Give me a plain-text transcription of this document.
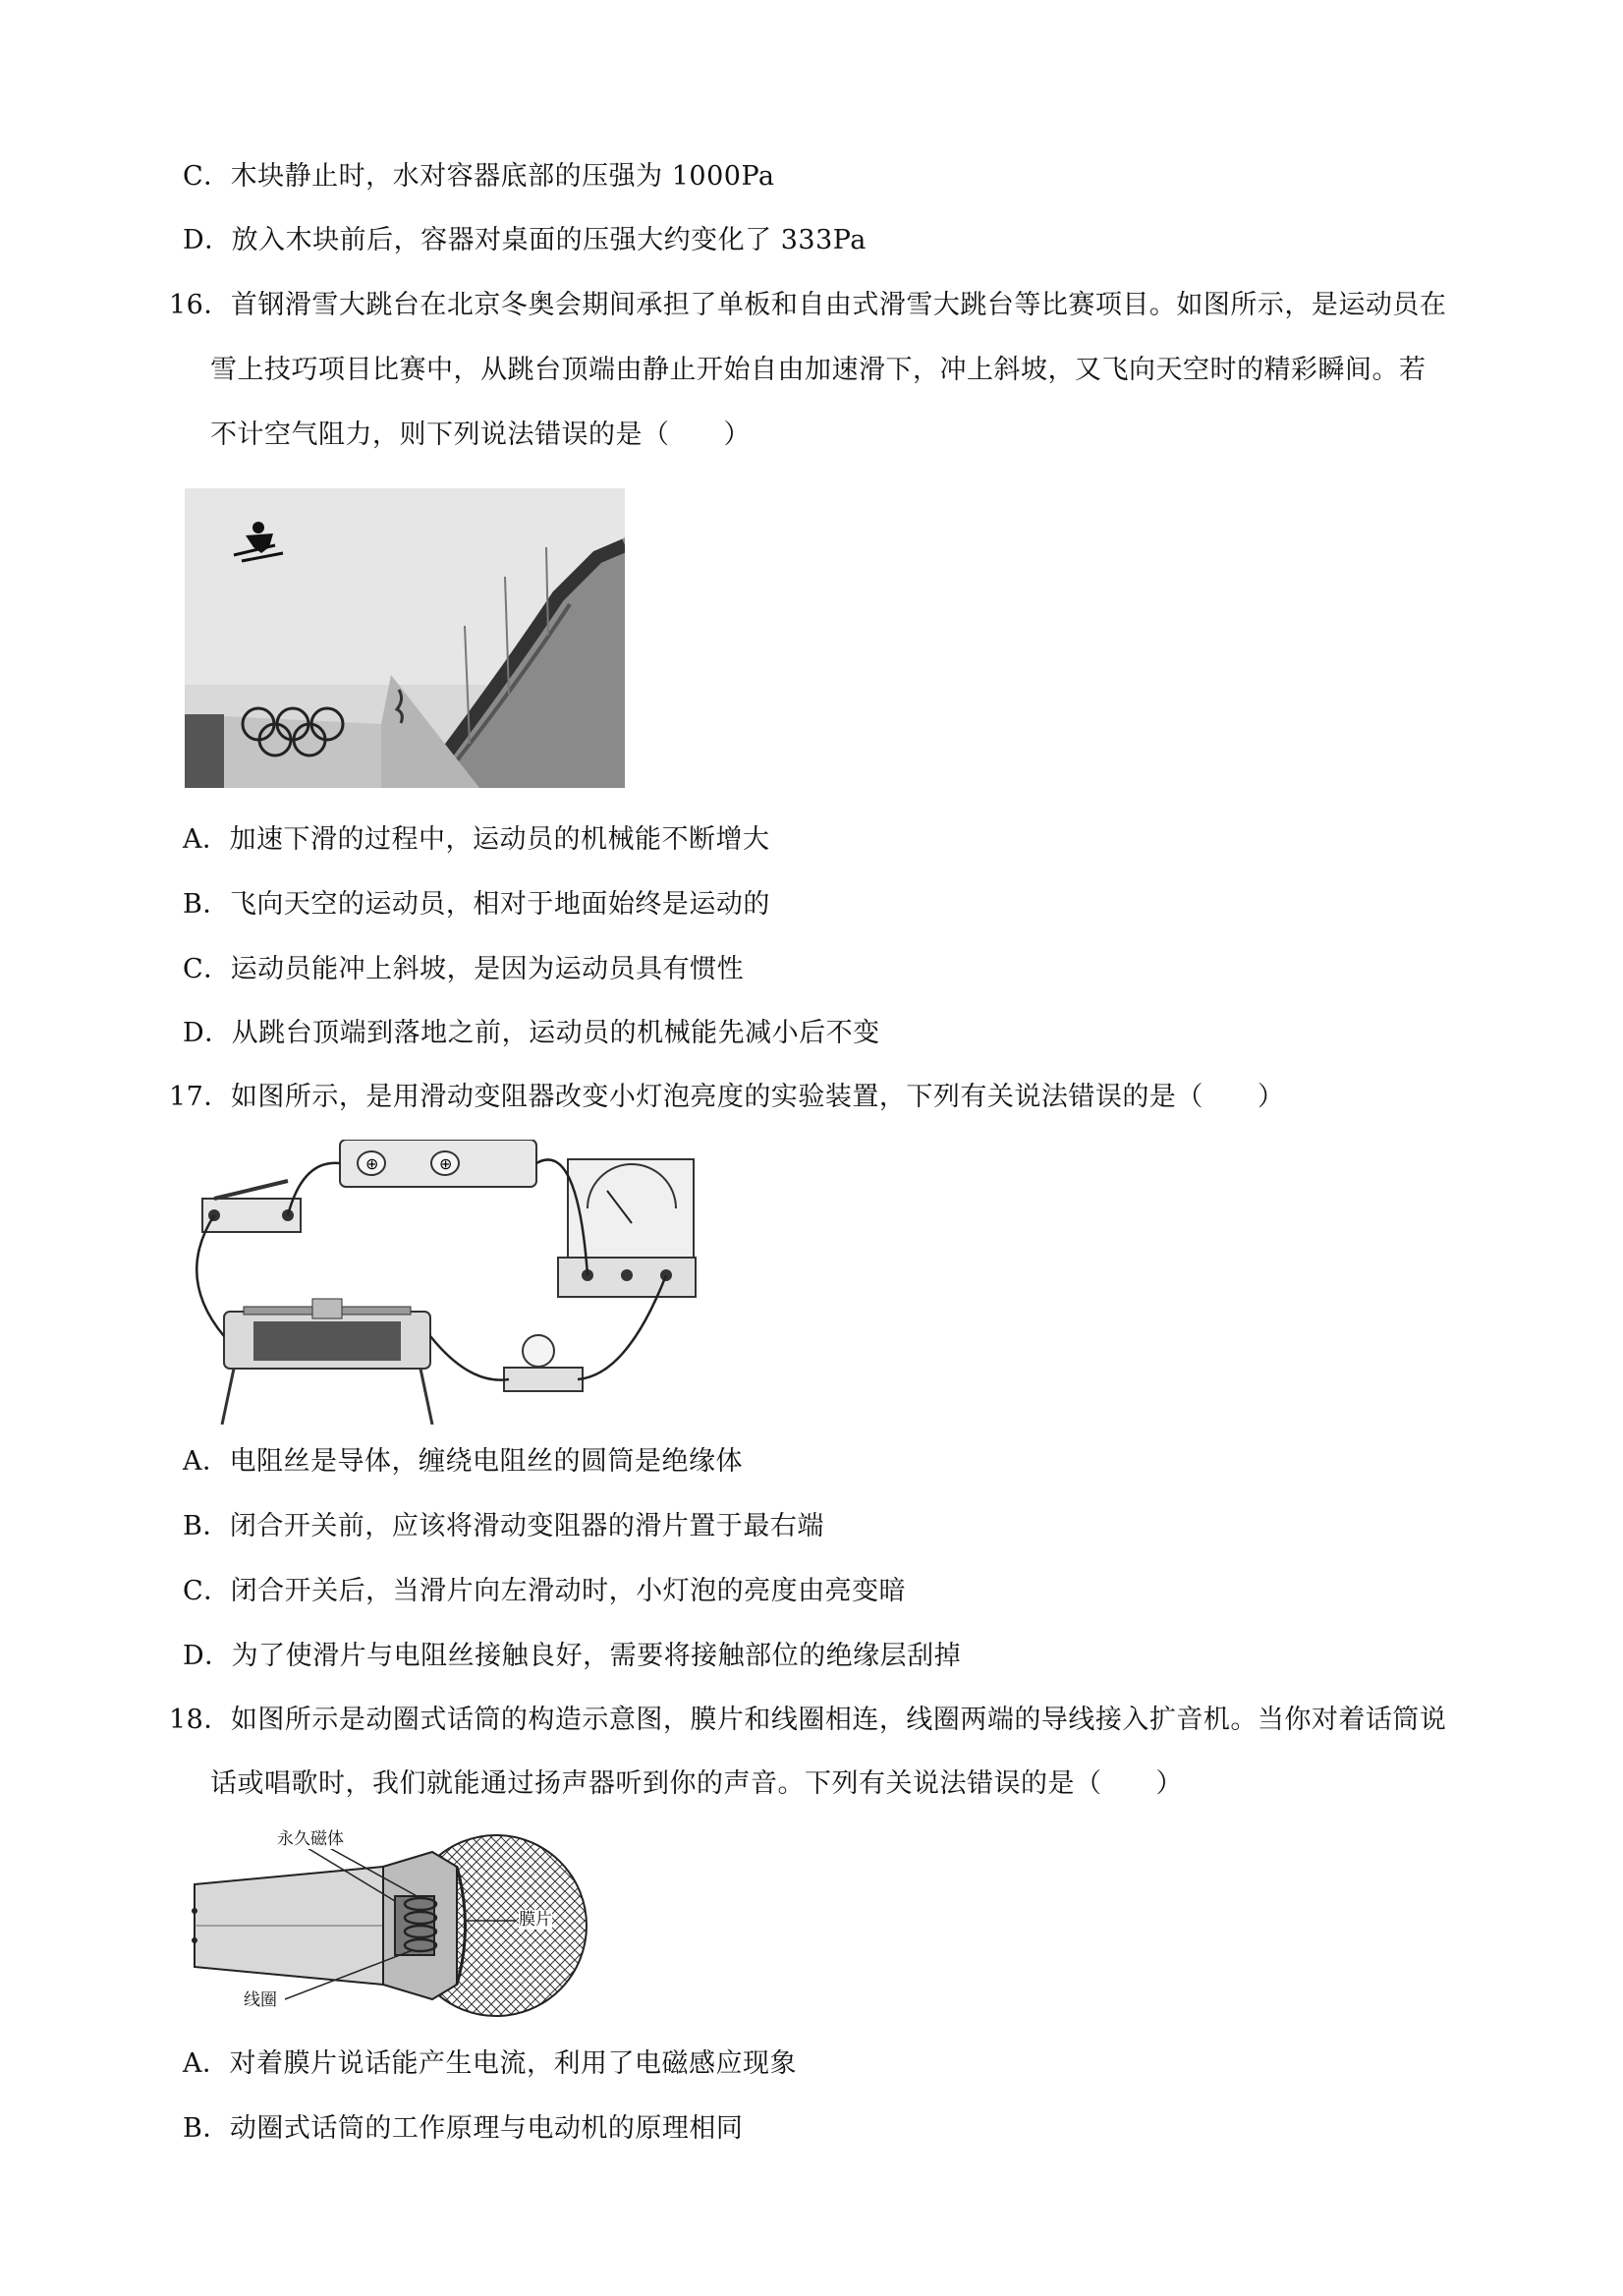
C．木块静止时，水对容器底部的压强为 1000Pa
D．放入木块前后，容器对桌面的压强大约变化了 333Pa
16．首钢滑雪大跳台在北京冬奥会期间承担了单板和自由式滑雪大跳台等比赛项目。如图所示，是运动员在
雪上技巧项目比赛中，从跳台顶端由静止开始自由加速滑下，冲上斜坡，又飞向天空时的精彩瞬间。若
不计空气阻力，则下列说法错误的是（　　）
A．加速下滑的过程中，运动员的机械能不断增大
B．飞向天空的运动员，相对于地面始终是运动的
C．运动员能冲上斜坡，是因为运动员具有惯性
D．从跳台顶端到落地之前，运动员的机械能先减小后不变
17．如图所示，是用滑动变阻器改变小灯泡亮度的实验装置，下列有关说法错误的是（　　）
⊕	⊕
A．电阻丝是导体，缠绕电阻丝的圆筒是绝缘体
B．闭合开关前，应该将滑动变阻器的滑片置于最右端
C．闭合开关后，当滑片向左滑动时，小灯泡的亮度由亮变暗
D．为了使滑片与电阻丝接触良好，需要将接触部位的绝缘层刮掉
18．如图所示是动圈式话筒的构造示意图，膜片和线圈相连，线圈两端的导线接入扩音机。当你对着话筒说
话或唱歌时，我们就能通过扬声器听到你的声音。下列有关说法错误的是（　　）
永久磁体
膜片
线圈
A．对着膜片说话能产生电流，利用了电磁感应现象
B．动圈式话筒的工作原理与电动机的原理相同
